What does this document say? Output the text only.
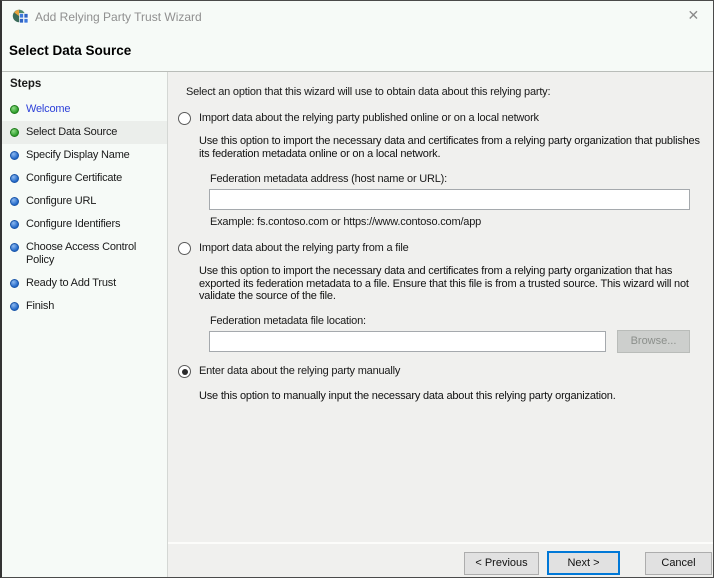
Add Relying Party Trust Wizard	✕
Select Data Source
Steps
Welcome
Select Data Source
Specify Display Name
Configure Certificate
Configure URL
Configure Identifiers
Choose Access Control Policy
Ready to Add Trust
Finish
Select an option that this wizard will use to obtain data about this relying party:
Import data about the relying party published online or on a local network
Use this option to import the necessary data and certificates from a relying party organization that publishes its federation metadata online or on a local network.
Federation metadata address (host name or URL):
Example: fs.contoso.com or https://www.contoso.com/app
Import data about the relying party from a file
Use this option to import the necessary data and certificates from a relying party organization that has exported its federation metadata to a file. Ensure that this file is from a trusted source. This wizard will not validate the source of the file.
Federation metadata file location:
Browse...
Enter data about the relying party manually
Use this option to manually input the necessary data about this relying party organization.
< Previous	Next >	Cancel
